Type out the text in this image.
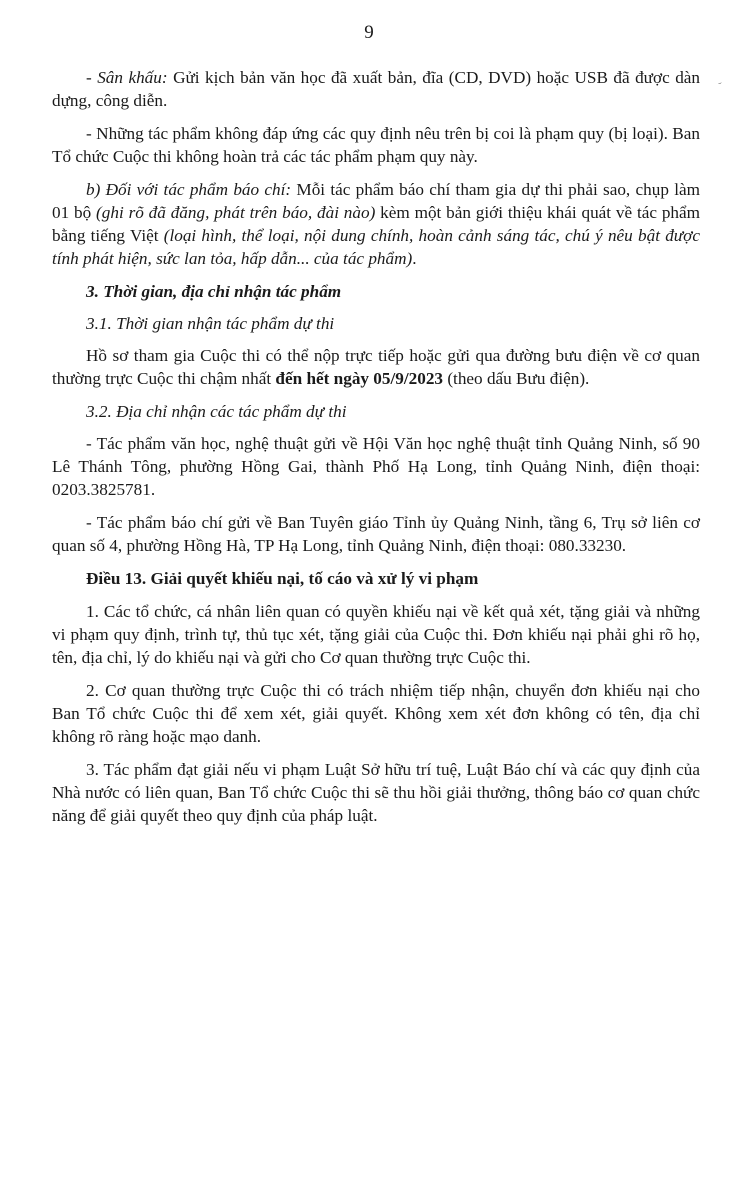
9

- Sân khấu: Gửi kịch bản văn học đã xuất bản, đĩa (CD, DVD) hoặc USB đã được dàn dựng, công diễn.

- Những tác phẩm không đáp ứng các quy định nêu trên bị coi là phạm quy (bị loại). Ban Tổ chức Cuộc thi không hoàn trả các tác phẩm phạm quy này.

b) Đối với tác phẩm báo chí: Mỗi tác phẩm báo chí tham gia dự thi phải sao, chụp làm 01 bộ (ghi rõ đã đăng, phát trên báo, đài nào) kèm một bản giới thiệu khái quát về tác phẩm bằng tiếng Việt (loại hình, thể loại, nội dung chính, hoàn cảnh sáng tác, chú ý nêu bật được tính phát hiện, sức lan tỏa, hấp dẫn... của tác phẩm).

3. Thời gian, địa chỉ nhận tác phẩm

3.1. Thời gian nhận tác phẩm dự thi

Hồ sơ tham gia Cuộc thi có thể nộp trực tiếp hoặc gửi qua đường bưu điện về cơ quan thường trực Cuộc thi chậm nhất đến hết ngày 05/9/2023 (theo dấu Bưu điện).

3.2. Địa chỉ nhận các tác phẩm dự thi

- Tác phẩm văn học, nghệ thuật gửi về Hội Văn học nghệ thuật tỉnh Quảng Ninh, số 90 Lê Thánh Tông, phường Hồng Gai, thành Phố Hạ Long, tỉnh Quảng Ninh, điện thoại: 0203.3825781.

- Tác phẩm báo chí gửi về Ban Tuyên giáo Tỉnh ủy Quảng Ninh, tầng 6, Trụ sở liên cơ quan số 4, phường Hồng Hà, TP Hạ Long, tỉnh Quảng Ninh, điện thoại: 080.33230.

Điều 13. Giải quyết khiếu nại, tố cáo và xử lý vi phạm

1. Các tổ chức, cá nhân liên quan có quyền khiếu nại về kết quả xét, tặng giải và những vi phạm quy định, trình tự, thủ tục xét, tặng giải của Cuộc thi. Đơn khiếu nại phải ghi rõ họ, tên, địa chỉ, lý do khiếu nại và gửi cho Cơ quan thường trực Cuộc thi.

2. Cơ quan thường trực Cuộc thi có trách nhiệm tiếp nhận, chuyển đơn khiếu nại cho Ban Tổ chức Cuộc thi để xem xét, giải quyết. Không xem xét đơn không có tên, địa chỉ không rõ ràng hoặc mạo danh.

3. Tác phẩm đạt giải nếu vi phạm Luật Sở hữu trí tuệ, Luật Báo chí và các quy định của Nhà nước có liên quan, Ban Tổ chức Cuộc thi sẽ thu hồi giải thưởng, thông báo cơ quan chức năng để giải quyết theo quy định của pháp luật.
